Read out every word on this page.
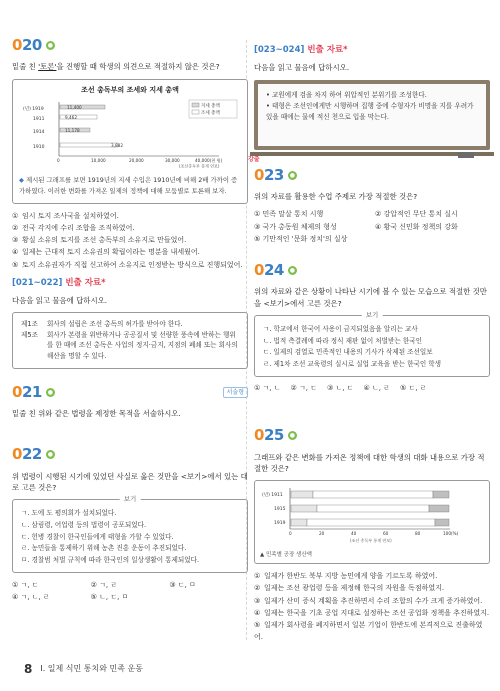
020 ●
밑줄 친 '토론'을 진행할 때 학생의 의견으로 적절하지 않은 것은?
조선 총독부의 조세와 지세 총액
지세 총액
조세 총액
(년) 1919	11,400
1911	9,462
1914	11,178
1910	3,882
0	10,000	20,000	30,000	40,000(천 원)
(조선총독부 통계 연보)
◆ 제시된 그래프를 보면 1919년의 지세 수입은 1910년에 비해 2배 가까이 증가하였다. 이러한 변화를 가져온 일제의 정책에 대해 모둠별로 토론해 보자.
① 임시 토지 조사국을 설치하였어.
② 전국 각지에 수리 조합을 조직하였어.
③ 황실 소유의 토지를 조선 총독부의 소유지로 만들었어.
④ 일제는 근대적 토지 소유권의 확립이라는 명분을 내세웠어.
⑤ 토지 소유권자가 직접 신고하여 소유지로 인정받는 방식으로 진행되었어.
[021~022] 빈출 자료*
다음을 읽고 물음에 답하시오.
제1조	회사의 설립은 조선 총독의 허가를 받아야 한다.
제5조	회사가 본령을 위반하거나 공공질서 및 선량한 풍속에 반하는 행위를 한 때에 조선 총독은 사업의 정지·금지, 지점의 폐쇄 또는 회사의 해산을 명할 수 있다.
021 ●	서술형
밑줄 친 위와 같은 법령을 제정한 목적을 서술하시오.
022 ●
위 법령이 시행된 시기에 있었던 사실로 옳은 것만을 <보기>에서 있는 대로 고른 것은?
보기
ㄱ. 도에 도 평의회가 설치되었다.
ㄴ. 삼림령, 어업령 등의 법령이 공포되었다.
ㄷ. 헌병 경찰이 한국인들에게 태형을 가할 수 있었다.
ㄹ. 농민들을 통제하기 위해 농촌 진흥 운동이 추진되었다.
ㅁ. 경찰범 처벌 규칙에 따라 한국인의 일상생활이 통제되었다.
① ㄱ, ㄷ	② ㄱ, ㄹ	③ ㄷ, ㅁ
④ ㄱ, ㄴ, ㄹ	⑤ ㄴ, ㄷ, ㅁ
[023~024] 빈출 자료*
다음을 읽고 물음에 답하시오.
• 교원에게 검을 차지 하여 위압적인 분위기를 조성한다.
• 태형은 조선인에게만 시행하며 집행 중에 수형자가 비명을 지를 우려가 있을 때에는 물에 적신 천으로 입을 막는다.
강출
023 ●
위의 자료를 활용한 수업 주제로 가장 적절한 것은?
① 민족 말살 통치 시행	② 강압적인 무단 통치 실시
③ 국가 총동원 체제의 형성	④ 황국 신민화 정책의 강화
⑤ 기만적인 '문화 정치'의 실상
024 ●
위의 자료와 같은 상황이 나타난 시기에 볼 수 있는 모습으로 적절한 것만을 <보기>에서 고른 것은?
보기
ㄱ. 학교에서 한국어 사용이 금지되었음을 알리는 교사
ㄴ. 법적 측결례에 따라 정식 재판 없이 처벌받는 한국인
ㄷ. 일제의 검열로 민족적인 내용의 기사가 삭제된 조선일보
ㄹ. 제1차 조선 교육령의 실시로 실업 교육을 받는 한국인 학생
① ㄱ, ㄴ ② ㄱ, ㄷ ③ ㄴ, ㄷ ④ ㄴ, ㄹ ⑤ ㄷ, ㄹ
025 ●
그래프와 같은 변화를 가져온 정책에 대한 학생의 대화 내용으로 가장 적절한 것은?
(년) 1911
1915
1919
0	20	40	60	80	100(%)
(조선 총독부 통계 연보)
▲ 민족별 공장 생산액
① 일제가 한반도 북부 지방 농민에게 양을 기르도록 하였어.
② 일제는 조선 광업령 등을 제정해 한국의 자원을 독점하였지.
③ 일제가 산미 증식 계획을 추진하면서 수리 조합의 수가 크게 증가하였어.
④ 일제는 한국을 기초 공업 지대로 설정하는 조선 공업화 정책을 추진하였지.
⑤ 일제가 회사령을 폐지하면서 일본 기업이 한반도에 본격적으로 진출하였어.
8 Ⅰ. 일제 식민 통치와 민족 운동
